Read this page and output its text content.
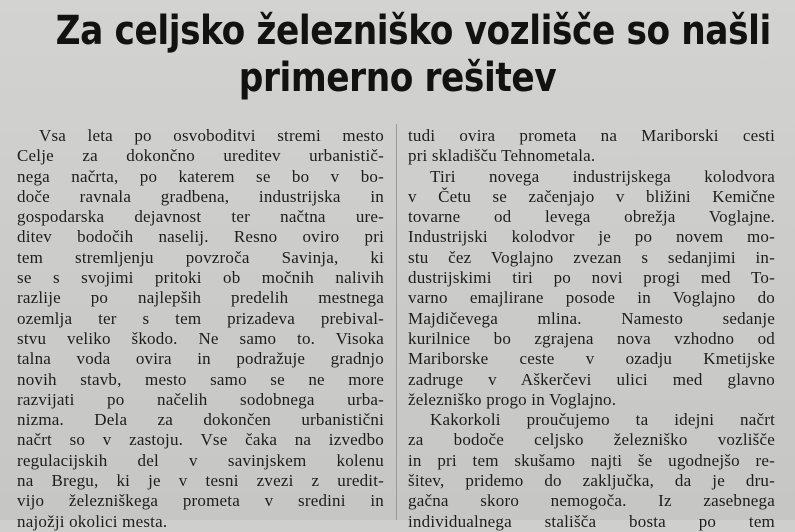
Za celjsko železniško vozlišče so našli
primerno rešitev
Vsa leta po osvoboditvi stremi mesto
Celje za dokončno ureditev urbanistič-
nega načrta, po katerem se bo v bo-
doče ravnala gradbena, industrijska in
gospodarska dejavnost ter načtna ure-
ditev bodočih naselij. Resno oviro pri
tem stremljenju povzroča Savinja, ki
se s svojimi pritoki ob močnih nalivih
razlije po najlepših predelih mestnega
ozemlja ter s tem prizadeva prebival-
stvu veliko škodo. Ne samo to. Visoka
talna voda ovira in podražuje gradnjo
novih stavb, mesto samo se ne more
razvijati po načelih sodobnega urba-
nizma. Dela za dokončen urbanistični
načrt so v zastoju. Vse čaka na izvedbo
regulacijskih del v savinjskem kolenu
na Bregu, ki je v tesni zvezi z uredit-
vijo železniškega prometa v sredini in
najožji okolici mesta.
tudi ovira prometa na Mariborski cesti
pri skladišču Tehnometala.
Tiri novega industrijskega kolodvora
v Četu se začenjajo v bližini Kemične
tovarne od levega obrežja Voglajne.
Industrijski kolodvor je po novem mo-
stu čez Voglajno zvezan s sedanjimi in-
dustrijskimi tiri po novi progi med To-
varno emajlirane posode in Voglajno do
Majdičevega mlina. Namesto sedanje
kurilnice bo zgrajena nova vzhodno od
Mariborske ceste v ozadju Kmetijske
zadruge v Aškerčevi ulici med glavno
železniško progo in Voglajno.
Kakorkoli proučujemo ta idejni načrt
za bodoče celjsko železniško vozlišče
in pri tem skušamo najti še ugodnejšo re-
šitev, pridemo do zaključka, da je dru-
gačna skoro nemogoča. Iz zasebnega
individualnega stališča bosta po tem
